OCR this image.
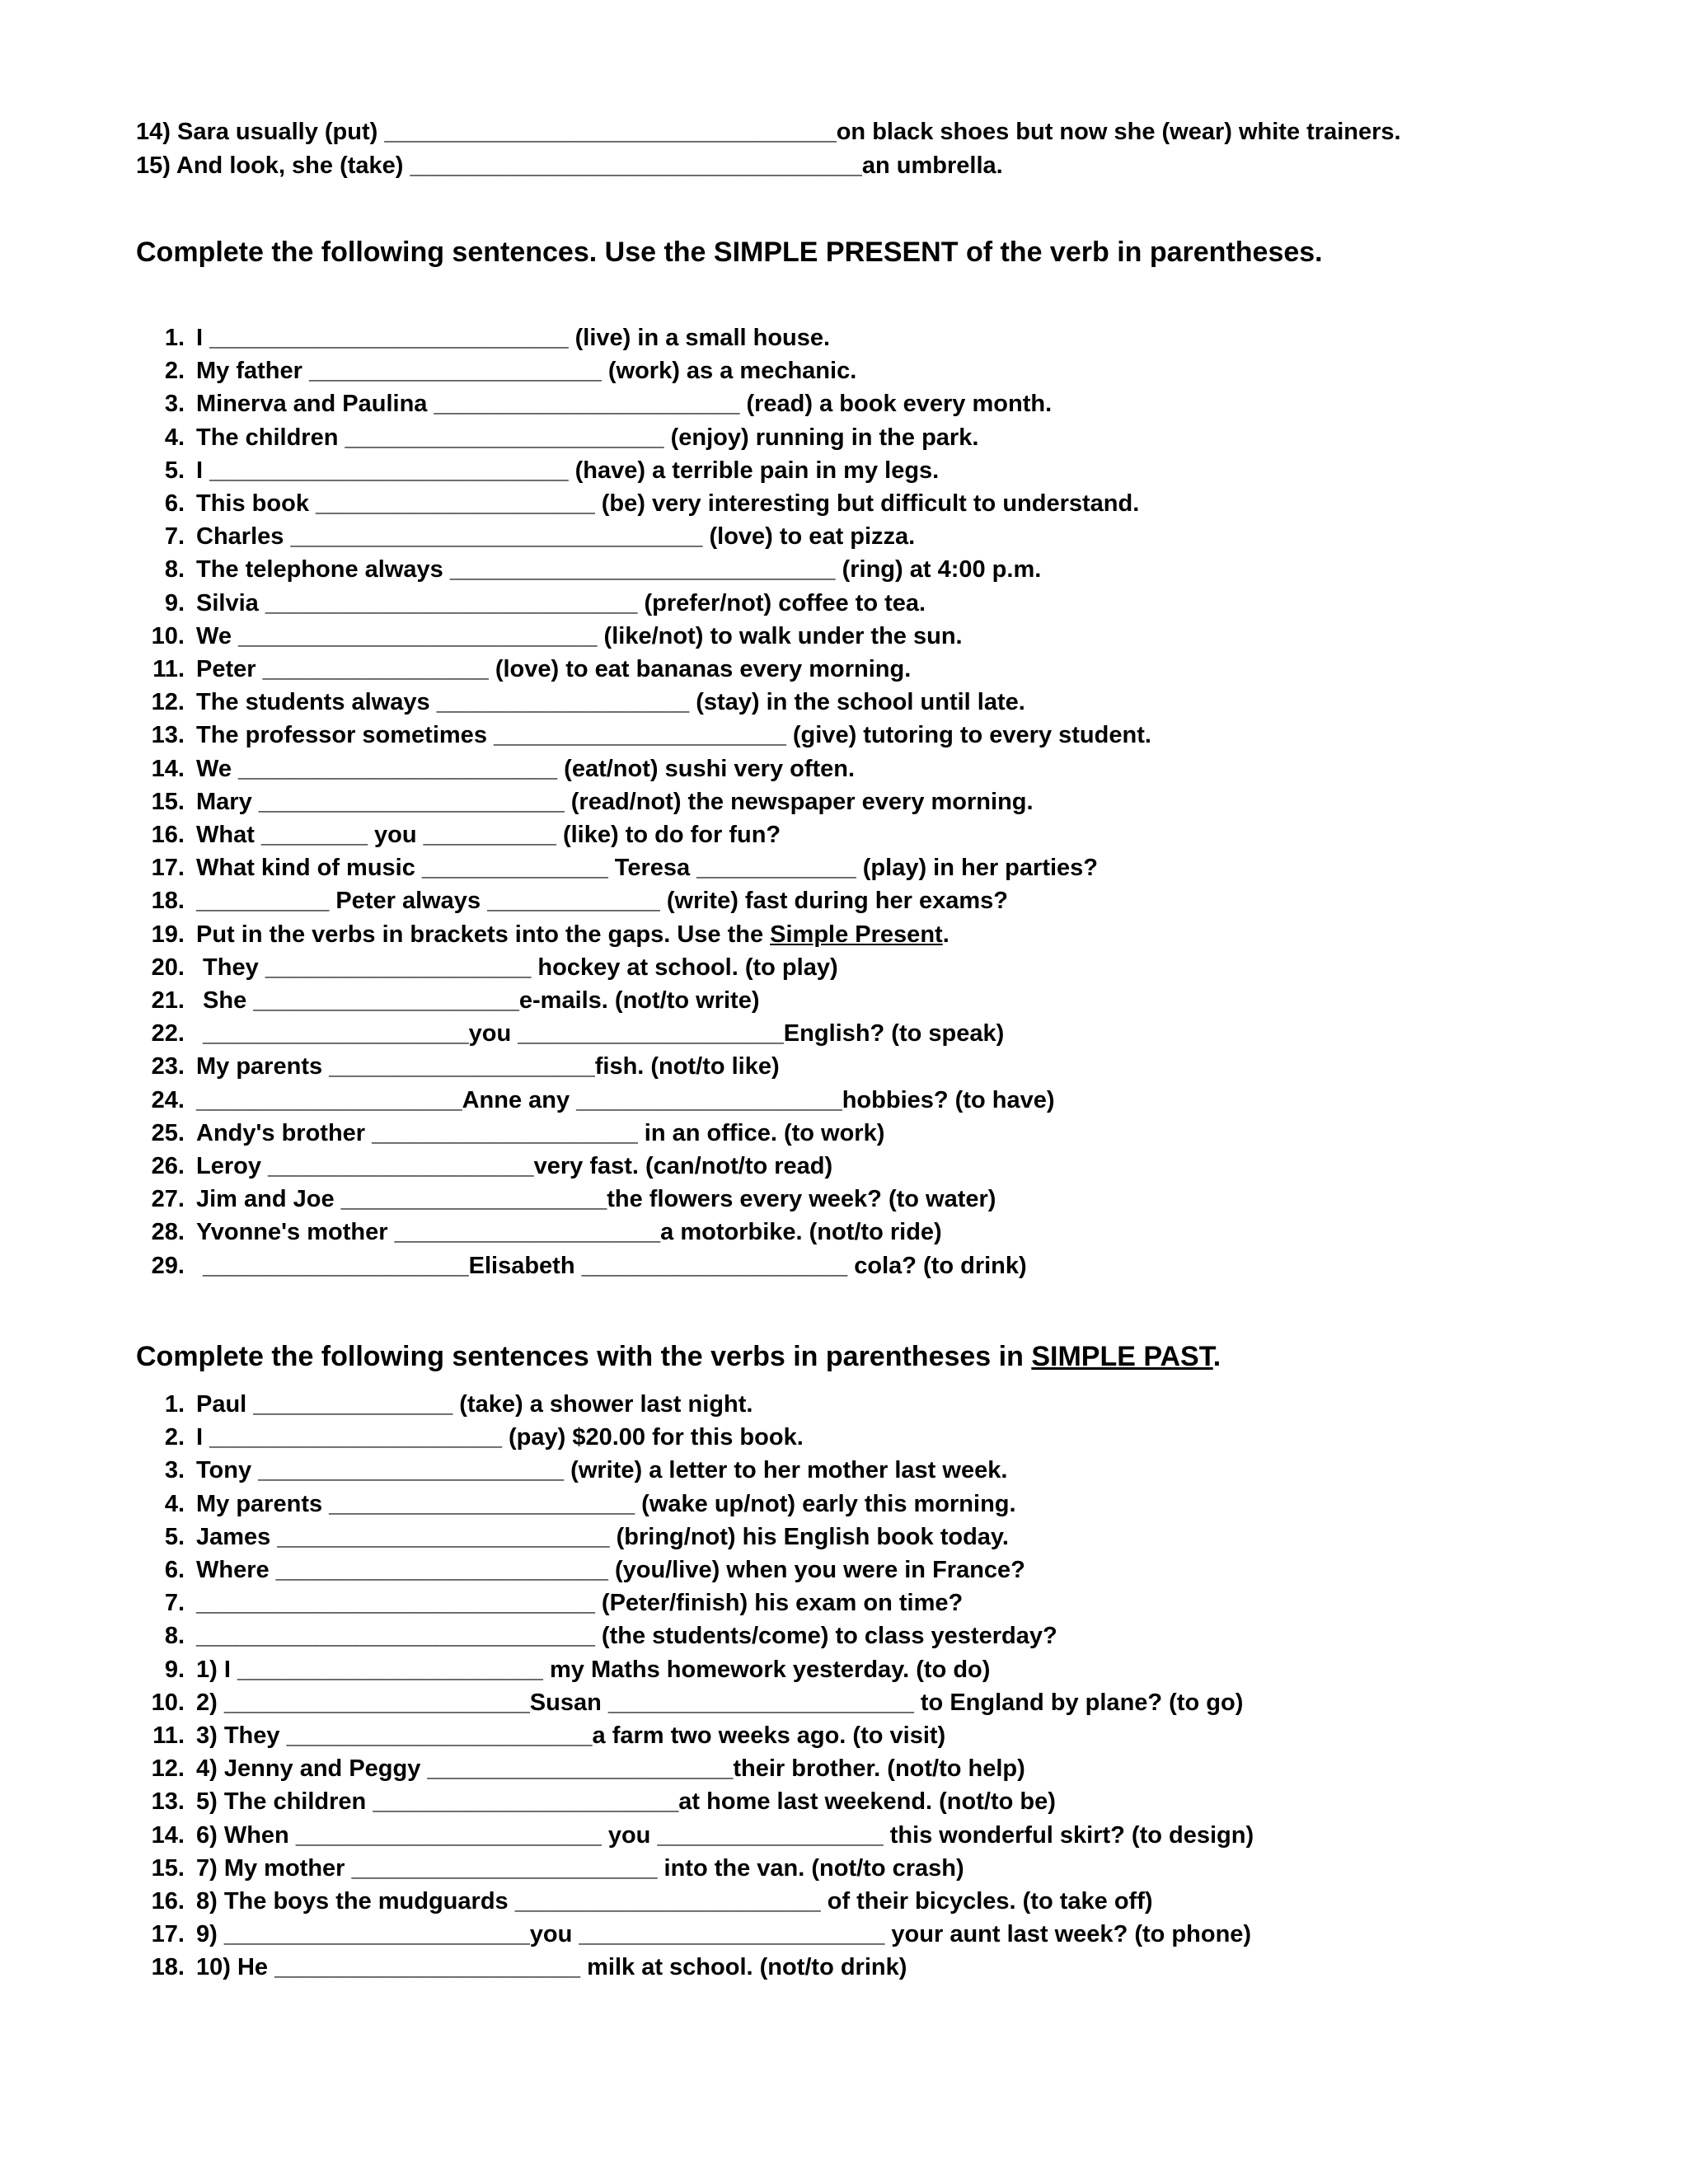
14) Sara usually (put) __________________________________on black shoes but now she (wear) white trainers.
15) And look, she (take) __________________________________an umbrella.
Complete the following sentences. Use the SIMPLE PRESENT of the verb in parentheses.
1. I ___________________________ (live) in a small house.
2. My father ______________________ (work) as a mechanic.
3. Minerva and Paulina _______________________ (read) a book every month.
4. The children ________________________ (enjoy) running in the park.
5. I ___________________________ (have) a terrible pain in my legs.
6. This book _____________________ (be) very interesting but difficult to understand.
7. Charles _______________________________ (love) to eat pizza.
8. The telephone always _____________________________ (ring) at 4:00 p.m.
9. Silvia ____________________________ (prefer/not) coffee to tea.
10. We ___________________________ (like/not) to walk under the sun.
11. Peter _________________ (love) to eat bananas every morning.
12. The students always ___________________ (stay) in the school until late.
13. The professor sometimes ______________________ (give) tutoring to every student.
14. We ________________________ (eat/not) sushi very often.
15. Mary _______________________ (read/not) the newspaper every morning.
16. What ________ you __________ (like) to do for fun?
17. What kind of music ______________ Teresa ____________ (play) in her parties?
18. __________ Peter always _____________ (write) fast during her exams?
19. Put in the verbs in brackets into the gaps. Use the Simple Present.
20. They ____________________ hockey at school. (to play)
21. She ____________________e-mails. (not/to write)
22. ____________________you ____________________English? (to speak)
23. My parents ____________________fish. (not/to like)
24. ____________________Anne any ____________________hobbies? (to have)
25. Andy's brother ____________________ in an office. (to work)
26. Leroy ____________________very fast. (can/not/to read)
27. Jim and Joe ____________________the flowers every week? (to water)
28. Yvonne's mother ____________________a motorbike. (not/to ride)
29. ____________________Elisabeth ____________________ cola? (to drink)
Complete the following sentences with the verbs in parentheses in SIMPLE PAST.
1. Paul _______________ (take) a shower last night.
2. I ______________________ (pay) $20.00 for this book.
3. Tony _______________________ (write) a letter to her mother last week.
4. My parents _______________________ (wake up/not) early this morning.
5. James _________________________ (bring/not) his English book today.
6. Where _________________________ (you/live) when you were in France?
7. ______________________________ (Peter/finish) his exam on time?
8. ______________________________ (the students/come) to class yesterday?
9. 1) I _______________________ my Maths homework yesterday. (to do)
10. 2) _______________________Susan _______________________ to England by plane? (to go)
11. 3) They _______________________a farm two weeks ago. (to visit)
12. 4) Jenny and Peggy _______________________their brother. (not/to help)
13. 5) The children _______________________at home last weekend. (not/to be)
14. 6) When _______________________ you _________________ this wonderful skirt? (to design)
15. 7) My mother _______________________ into the van. (not/to crash)
16. 8) The boys the mudguards _______________________ of their bicycles. (to take off)
17. 9) _______________________you _______________________ your aunt last week? (to phone)
18. 10) He _______________________ milk at school. (not/to drink)
